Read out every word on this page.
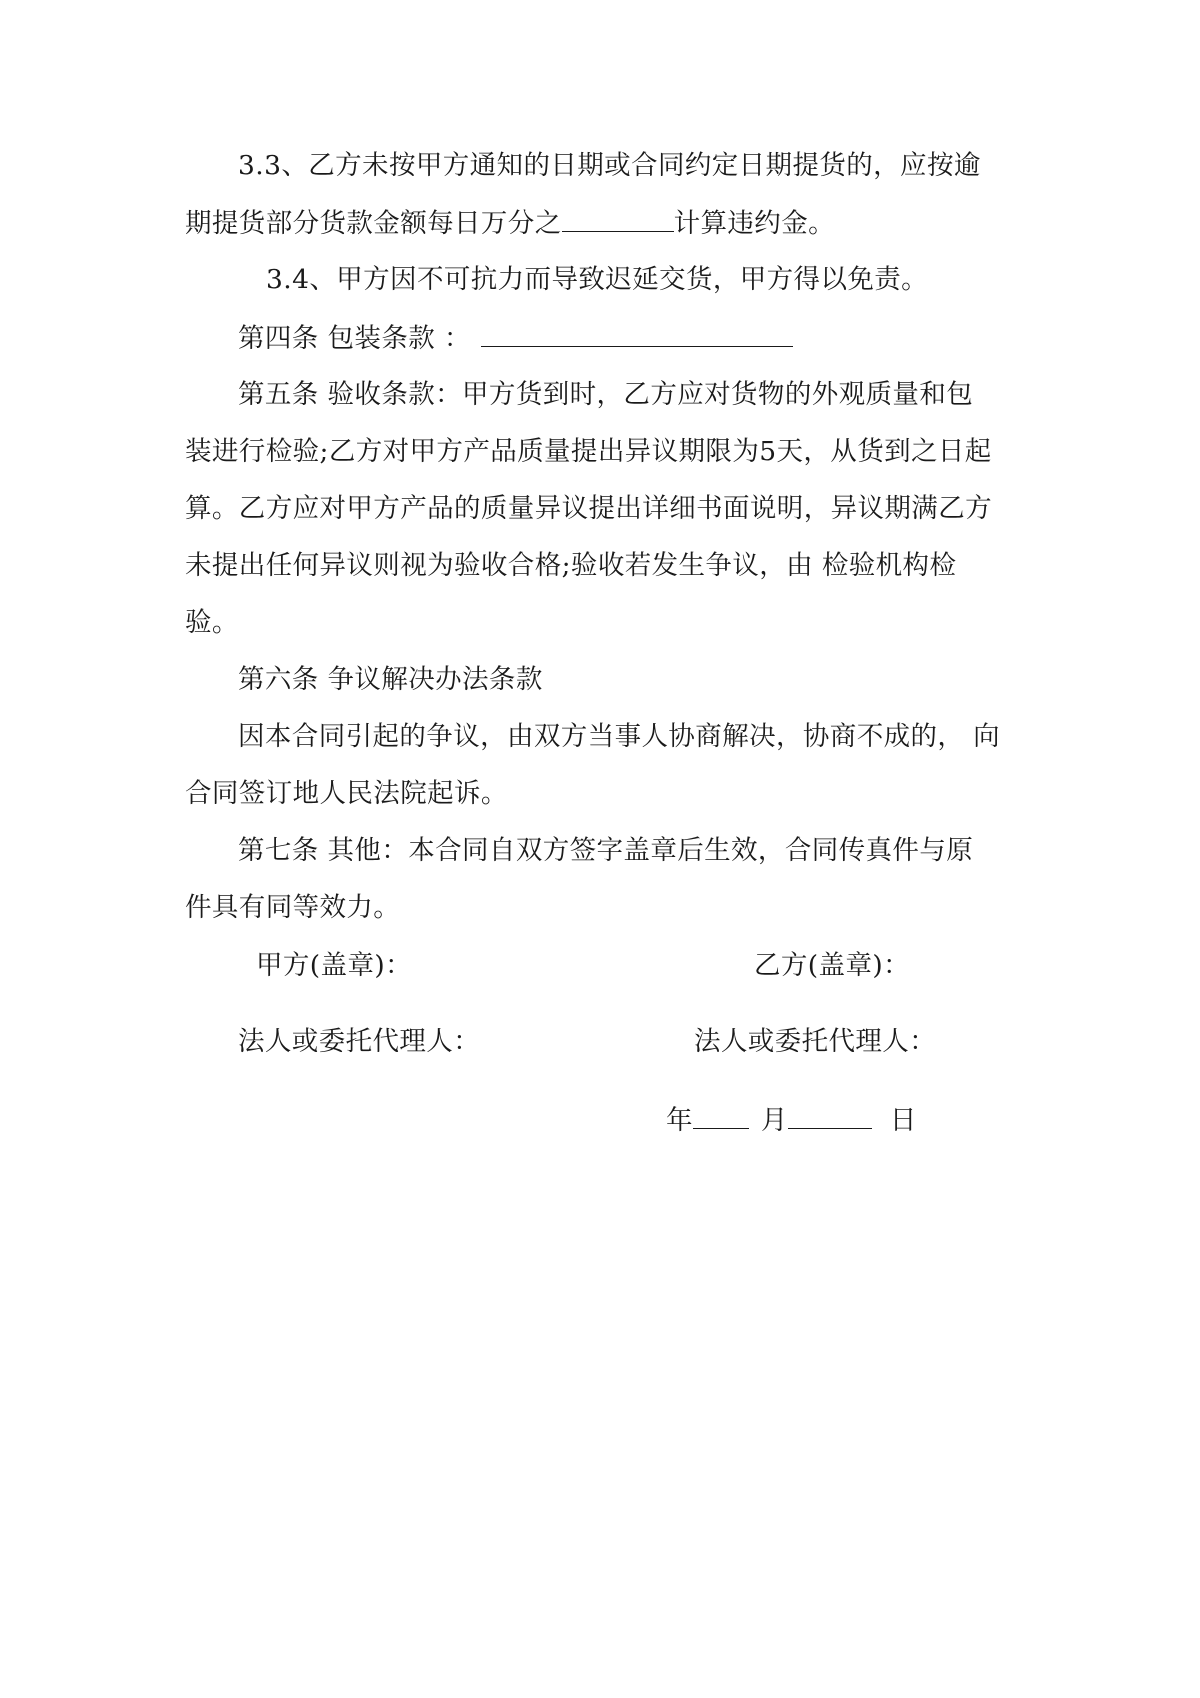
3.3、乙方未按甲方通知的日期或合同约定日期提货的，应按逾
期提货部分货款金额每日万分之	计算违约金。
3.4、甲方因不可抗力而导致迟延交货，甲方得以免责。
第四条 包装条款 ：
第五条 验收条款：甲方货到时，乙方应对货物的外观质量和包
装进行检验;乙方对甲方产品质量提出异议期限为5天，从货到之日起
算。乙方应对甲方产品的质量异议提出详细书面说明，异议期满乙方
未提出任何异议则视为验收合格;验收若发生争议，由 检验机构检
验。
第六条 争议解决办法条款
因本合同引起的争议，由双方当事人协商解决，协商不成的， 向
合同签订地人民法院起诉。
第七条 其他：本合同自双方签字盖章后生效，合同传真件与原
件具有同等效力。
甲方(盖章)：	乙方(盖章)：
法人或委托代理人：	法人或委托代理人：
年	月	日
